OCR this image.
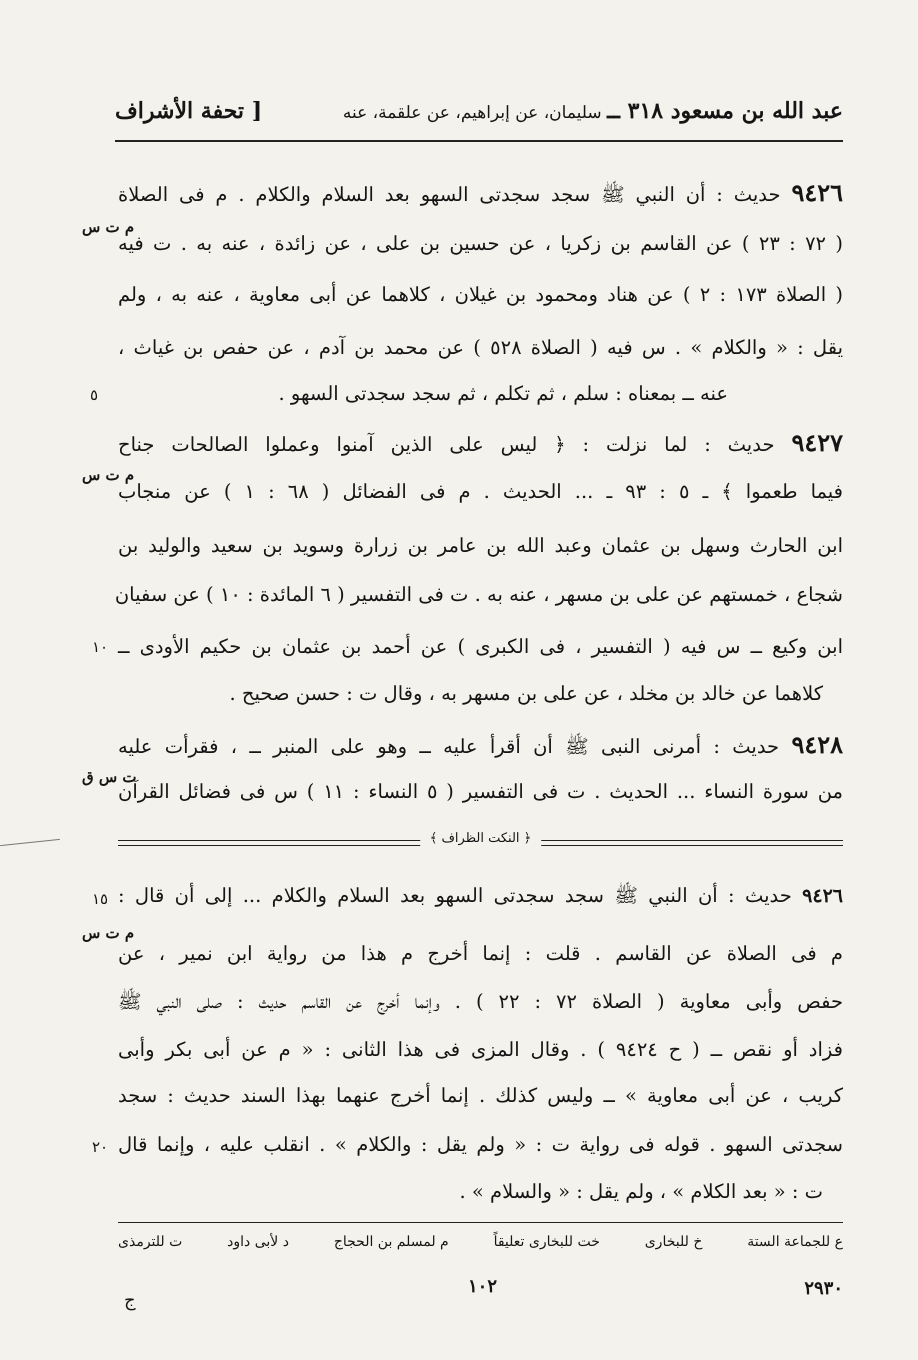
عبد الله بن مسعود ٣١٨ ــ سليمان، عن إبراهيم، عن علقمة، عنه
[ تحفة الأشراف
٩٤٢٦ حديث : أن النبي ﷺ سجد سجدتى السهو بعد السلام والكلام . م فى الصلاة
م ت س
( ٧٢ : ٢٣ ) عن القاسم بن زكريا ، عن حسين بن على ، عن زائدة ، عنه به . ت فيه
( الصلاة ١٧٣ : ٢ ) عن هناد ومحمود بن غيلان ، كلاهما عن أبى معاوية ، عنه به ، ولم
يقل : « والكلام » . س فيه ( الصلاة ٥٢٨ ) عن محمد بن آدم ، عن حفص بن غياث ،
عنه ــ بمعناه : سلم ، ثم تكلم ، ثم سجد سجدتى السهو .
٥
٩٤٢٧ حديث : لما نزلت : ﴿ ليس على الذين آمنوا وعملوا الصالحات جناح
م ت س
فيما طعموا ﴾ ـ ٥ : ٩٣ ـ ... الحديث . م فى الفضائل ( ٦٨ : ١ ) عن منجاب
ابن الحارث وسهل بن عثمان وعبد الله بن عامر بن زرارة وسويد بن سعيد والوليد بن
شجاع ، خمستهم عن على بن مسهر ، عنه به . ت فى التفسير ( ٦ المائدة : ١٠ ) عن سفيان
ابن وكيع ــ س فيه ( التفسير ، فى الكبرى ) عن أحمد بن عثمان بن حكيم الأودى ــ
١٠
كلاهما عن خالد بن مخلد ، عن على بن مسهر به ، وقال ت : حسن صحيح .
٩٤٢٨ حديث : أمرنى النبى ﷺ أن أقرأ عليه ــ وهو على المنبر ــ ، فقرأت عليه
ت س ق
من سورة النساء ... الحديث . ت فى التفسير ( ٥ النساء : ١١ ) س فى فضائل القرآن
﴿ النكت الظراف ﴾
٩٤٢٦ حديث : أن النبي ﷺ سجد سجدتى السهو بعد السلام والكلام ... إلى أن قال :
١٥
م ت س
م فى الصلاة عن القاسم . قلت : إنما أخرج م هذا من رواية ابن نمير ، عن
حفص وأبى معاوية ( الصلاة ٧٢ : ٢٢ ) . وإنما أخرج عن القاسم حديث : صلى النبي ﷺ
فزاد أو نقص ــ ( ح ٩٤٢٤ ) . وقال المزى فى هذا الثانى : « م عن أبى بكر وأبى
كريب ، عن أبى معاوية » ــ وليس كذلك . إنما أخرج عنهما بهذا السند حديث : سجد
سجدتى السهو . قوله فى رواية ت : « ولم يقل : والكلام » . انقلب عليه ، وإنما قال
٢٠
ت : « بعد الكلام » ، ولم يقل : « والسلام » .
ع للجماعة الستة
خ للبخارى
خت للبخارى تعليقاً
م لمسلم بن الحجاج
د لأبى داود
ت للترمذى
٢٩٣٠
١٠٢
ج
